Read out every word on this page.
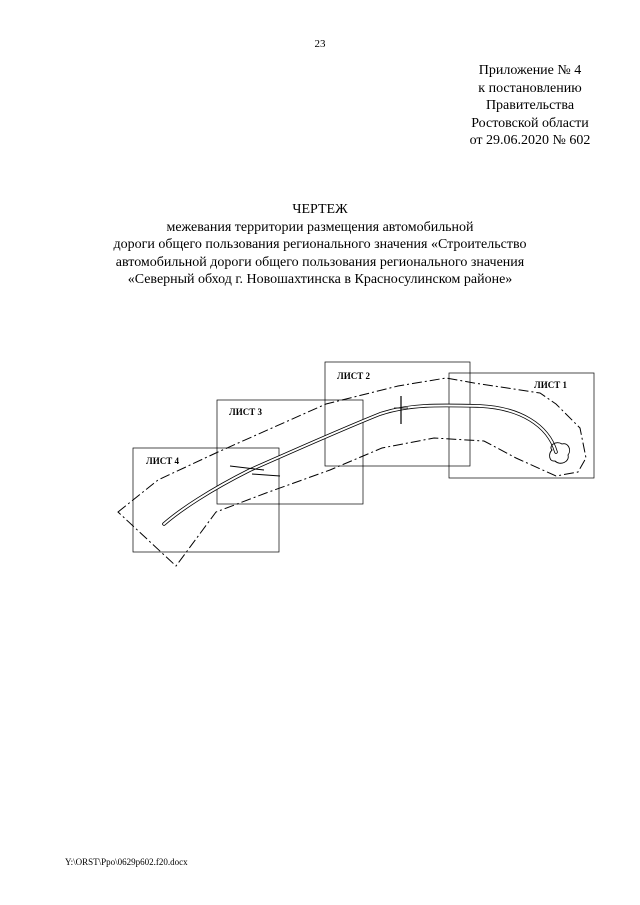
23
Приложение № 4
к постановлению
Правительства
Ростовской области
от 29.06.2020 № 602
ЧЕРТЕЖ
межевания территории размещения автомобильной
дороги общего пользования регионального значения «Строительство
автомобильной дороги общего пользования регионального значения
«Северный обход г. Новошахтинска в Красносулинском районе»
ЛИСТ 1
ЛИСТ 2
ЛИСТ 3
ЛИСТ 4
Y:\ORST\Ppo\0629p602.f20.docx
